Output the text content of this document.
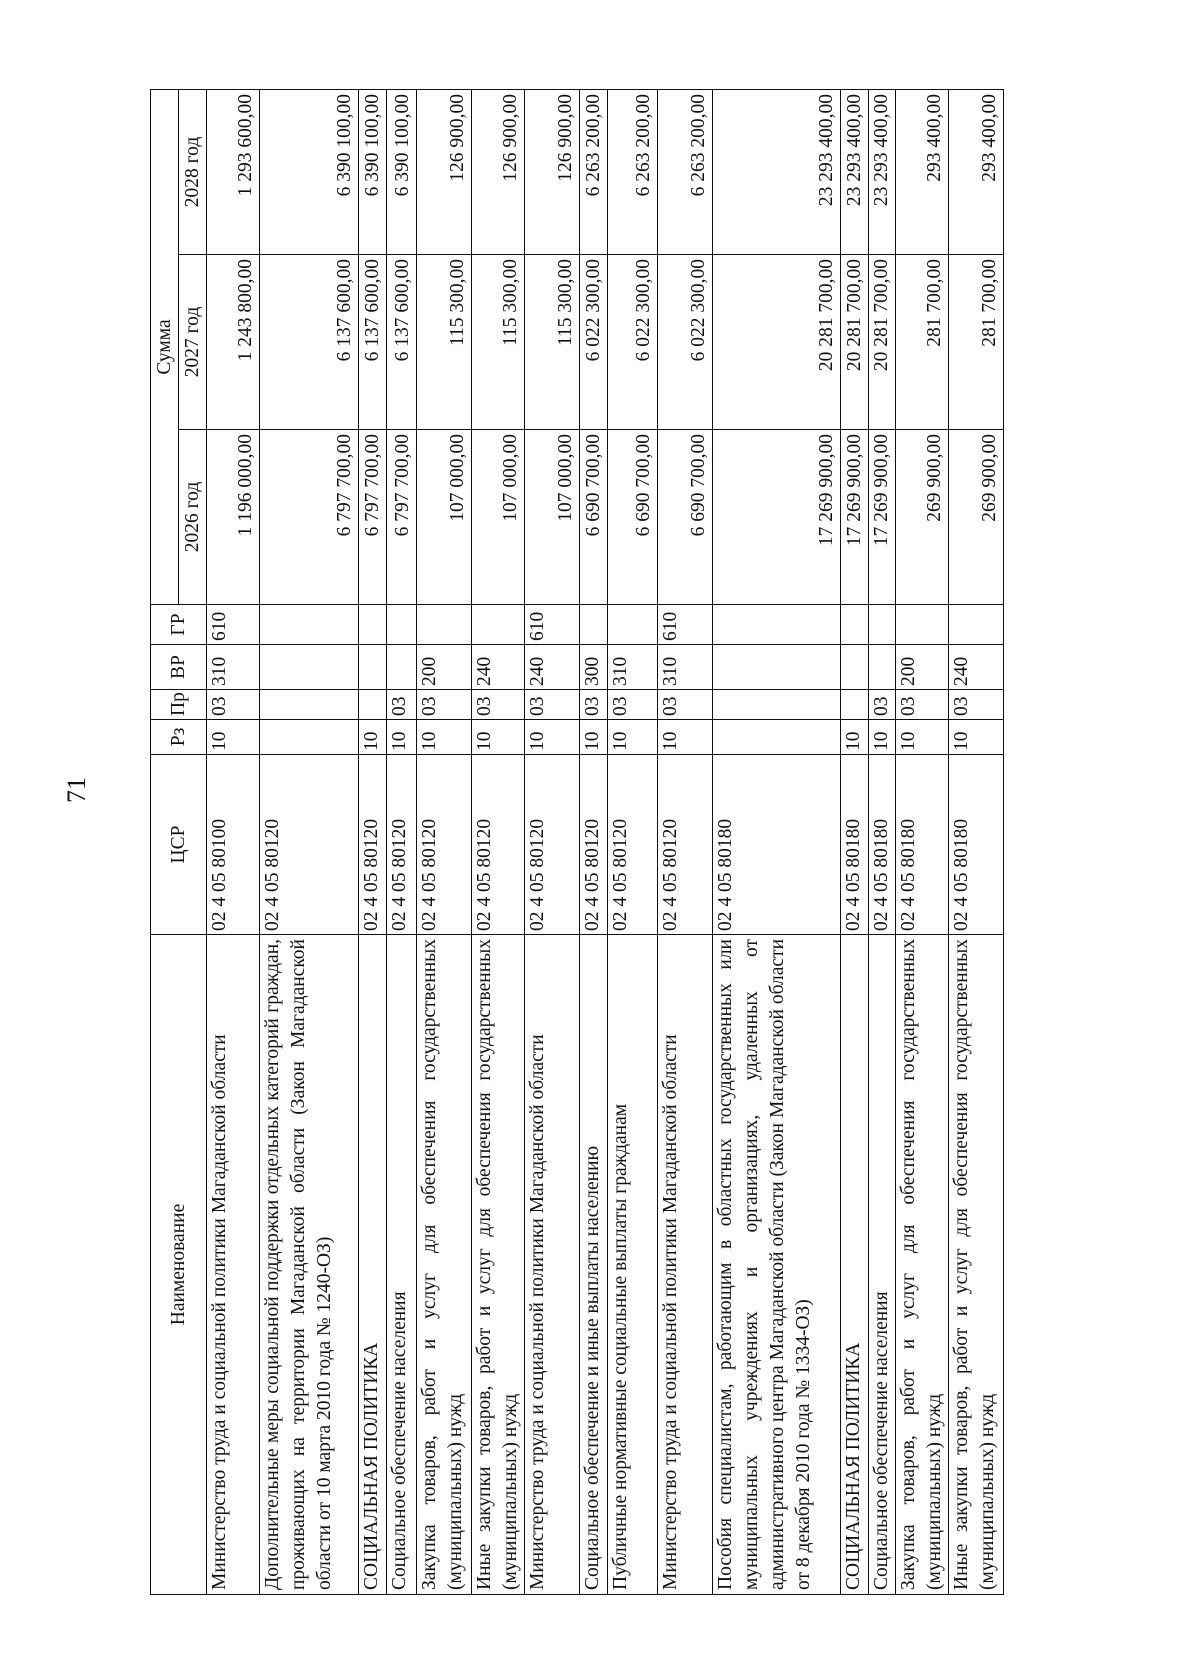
71
Наименование	ЦСР	Рз	Пр	ВР	ГР	Сумма		
						2026 год	2027 год	2028 год
Министерство труда и социальной политики Магаданской области	02 4 05 80100	10	03	310	610	1 196 000,00	1 243 800,00	1 293 600,00
Дополнительные меры социальной поддержки отдельных категорий граждан, проживающих на территории Магаданской области (Закон Магаданской области от 10 марта 2010 года № 1240-ОЗ)	02 4 05 80120					6 797 700,00	6 137 600,00	6 390 100,00
СОЦИАЛЬНАЯ ПОЛИТИКА	02 4 05 80120	10				6 797 700,00	6 137 600,00	6 390 100,00
Социальное обеспечение населения	02 4 05 80120	10	03			6 797 700,00	6 137 600,00	6 390 100,00
Закупка товаров, работ и услуг для обеспечения государственных (муниципальных) нужд	02 4 05 80120	10	03	200		107 000,00	115 300,00	126 900,00
Иные закупки товаров, работ и услуг для обеспечения государственных (муниципальных) нужд	02 4 05 80120	10	03	240		107 000,00	115 300,00	126 900,00
Министерство труда и социальной политики Магаданской области	02 4 05 80120	10	03	240	610	107 000,00	115 300,00	126 900,00
Социальное обеспечение и иные выплаты населению	02 4 05 80120	10	03	300		6 690 700,00	6 022 300,00	6 263 200,00
Публичные нормативные социальные выплаты гражданам	02 4 05 80120	10	03	310		6 690 700,00	6 022 300,00	6 263 200,00
Министерство труда и социальной политики Магаданской области	02 4 05 80120	10	03	310	610	6 690 700,00	6 022 300,00	6 263 200,00
Пособия специалистам, работающим в областных государственных или муниципальных учреждениях и организациях, удаленных от административного центра Магаданской области (Закон Магаданской области от 8 декабря 2010 года № 1334-ОЗ)	02 4 05 80180					17 269 900,00	20 281 700,00	23 293 400,00
СОЦИАЛЬНАЯ ПОЛИТИКА	02 4 05 80180	10				17 269 900,00	20 281 700,00	23 293 400,00
Социальное обеспечение населения	02 4 05 80180	10	03			17 269 900,00	20 281 700,00	23 293 400,00
Закупка товаров, работ и услуг для обеспечения государственных (муниципальных) нужд	02 4 05 80180	10	03	200		269 900,00	281 700,00	293 400,00
Иные закупки товаров, работ и услуг для обеспечения государственных (муниципальных) нужд	02 4 05 80180	10	03	240		269 900,00	281 700,00	293 400,00
